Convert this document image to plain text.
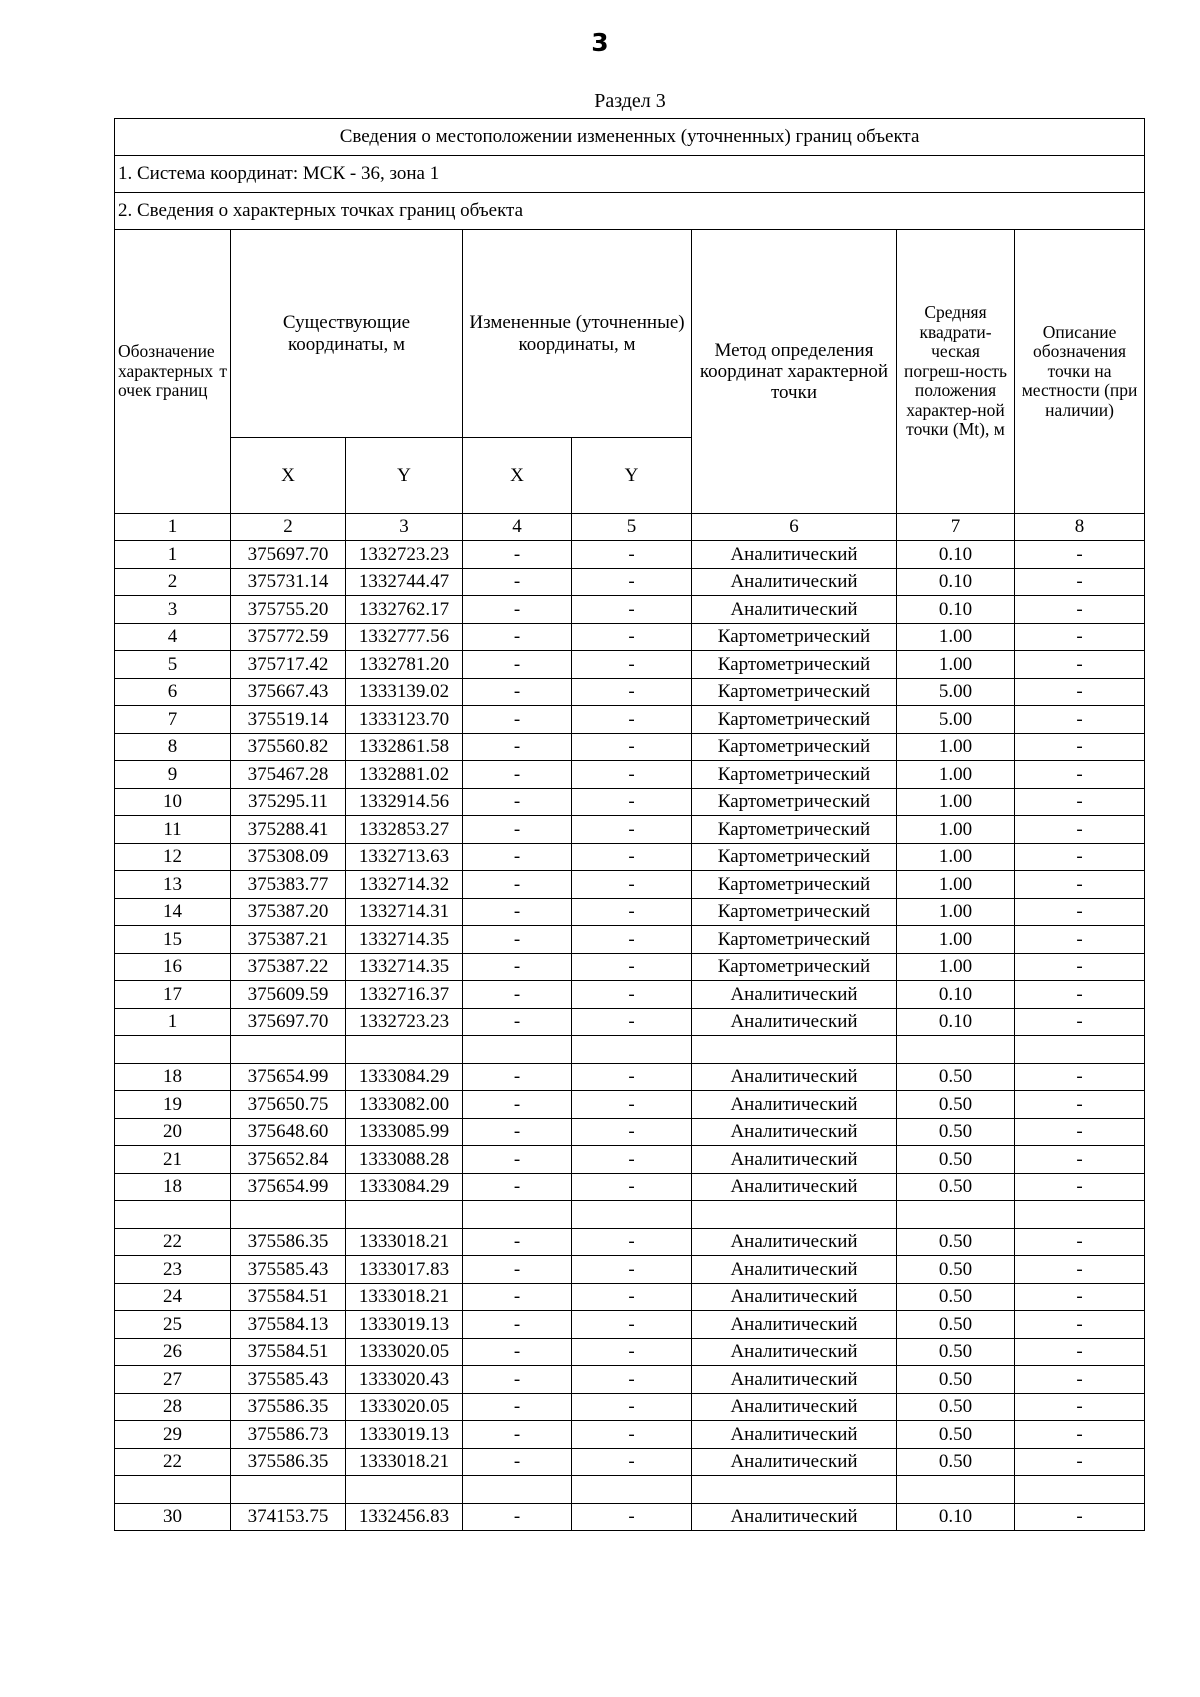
3
Раздел 3
Сведения о местоположении измененных (уточненных) границ объекта							
1. Система координат: МСК - 36, зона 1							
2. Сведения о характерных точках границ объекта							
Обозначение характерных точек границ	Существующие координаты, м		Измененные (уточненные) координаты, м		Метод определения координат характерной точки	Средняя квадрати-ческая погреш-ность положения характер-ной точки (Mt), м	Описание обозначения точки на местности (при наличии)
	X	Y	X	Y			
1	2	3	4	5	6	7	8
1	375697.70	1332723.23	-	-	Аналитический	0.10	-
2	375731.14	1332744.47	-	-	Аналитический	0.10	-
3	375755.20	1332762.17	-	-	Аналитический	0.10	-
4	375772.59	1332777.56	-	-	Картометрический	1.00	-
5	375717.42	1332781.20	-	-	Картометрический	1.00	-
6	375667.43	1333139.02	-	-	Картометрический	5.00	-
7	375519.14	1333123.70	-	-	Картометрический	5.00	-
8	375560.82	1332861.58	-	-	Картометрический	1.00	-
9	375467.28	1332881.02	-	-	Картометрический	1.00	-
10	375295.11	1332914.56	-	-	Картометрический	1.00	-
11	375288.41	1332853.27	-	-	Картометрический	1.00	-
12	375308.09	1332713.63	-	-	Картометрический	1.00	-
13	375383.77	1332714.32	-	-	Картометрический	1.00	-
14	375387.20	1332714.31	-	-	Картометрический	1.00	-
15	375387.21	1332714.35	-	-	Картометрический	1.00	-
16	375387.22	1332714.35	-	-	Картометрический	1.00	-
17	375609.59	1332716.37	-	-	Аналитический	0.10	-
1	375697.70	1332723.23	-	-	Аналитический	0.10	-

18	375654.99	1333084.29	-	-	Аналитический	0.50	-
19	375650.75	1333082.00	-	-	Аналитический	0.50	-
20	375648.60	1333085.99	-	-	Аналитический	0.50	-
21	375652.84	1333088.28	-	-	Аналитический	0.50	-
18	375654.99	1333084.29	-	-	Аналитический	0.50	-

22	375586.35	1333018.21	-	-	Аналитический	0.50	-
23	375585.43	1333017.83	-	-	Аналитический	0.50	-
24	375584.51	1333018.21	-	-	Аналитический	0.50	-
25	375584.13	1333019.13	-	-	Аналитический	0.50	-
26	375584.51	1333020.05	-	-	Аналитический	0.50	-
27	375585.43	1333020.43	-	-	Аналитический	0.50	-
28	375586.35	1333020.05	-	-	Аналитический	0.50	-
29	375586.73	1333019.13	-	-	Аналитический	0.50	-
22	375586.35	1333018.21	-	-	Аналитический	0.50	-

30	374153.75	1332456.83	-	-	Аналитический	0.10	-
